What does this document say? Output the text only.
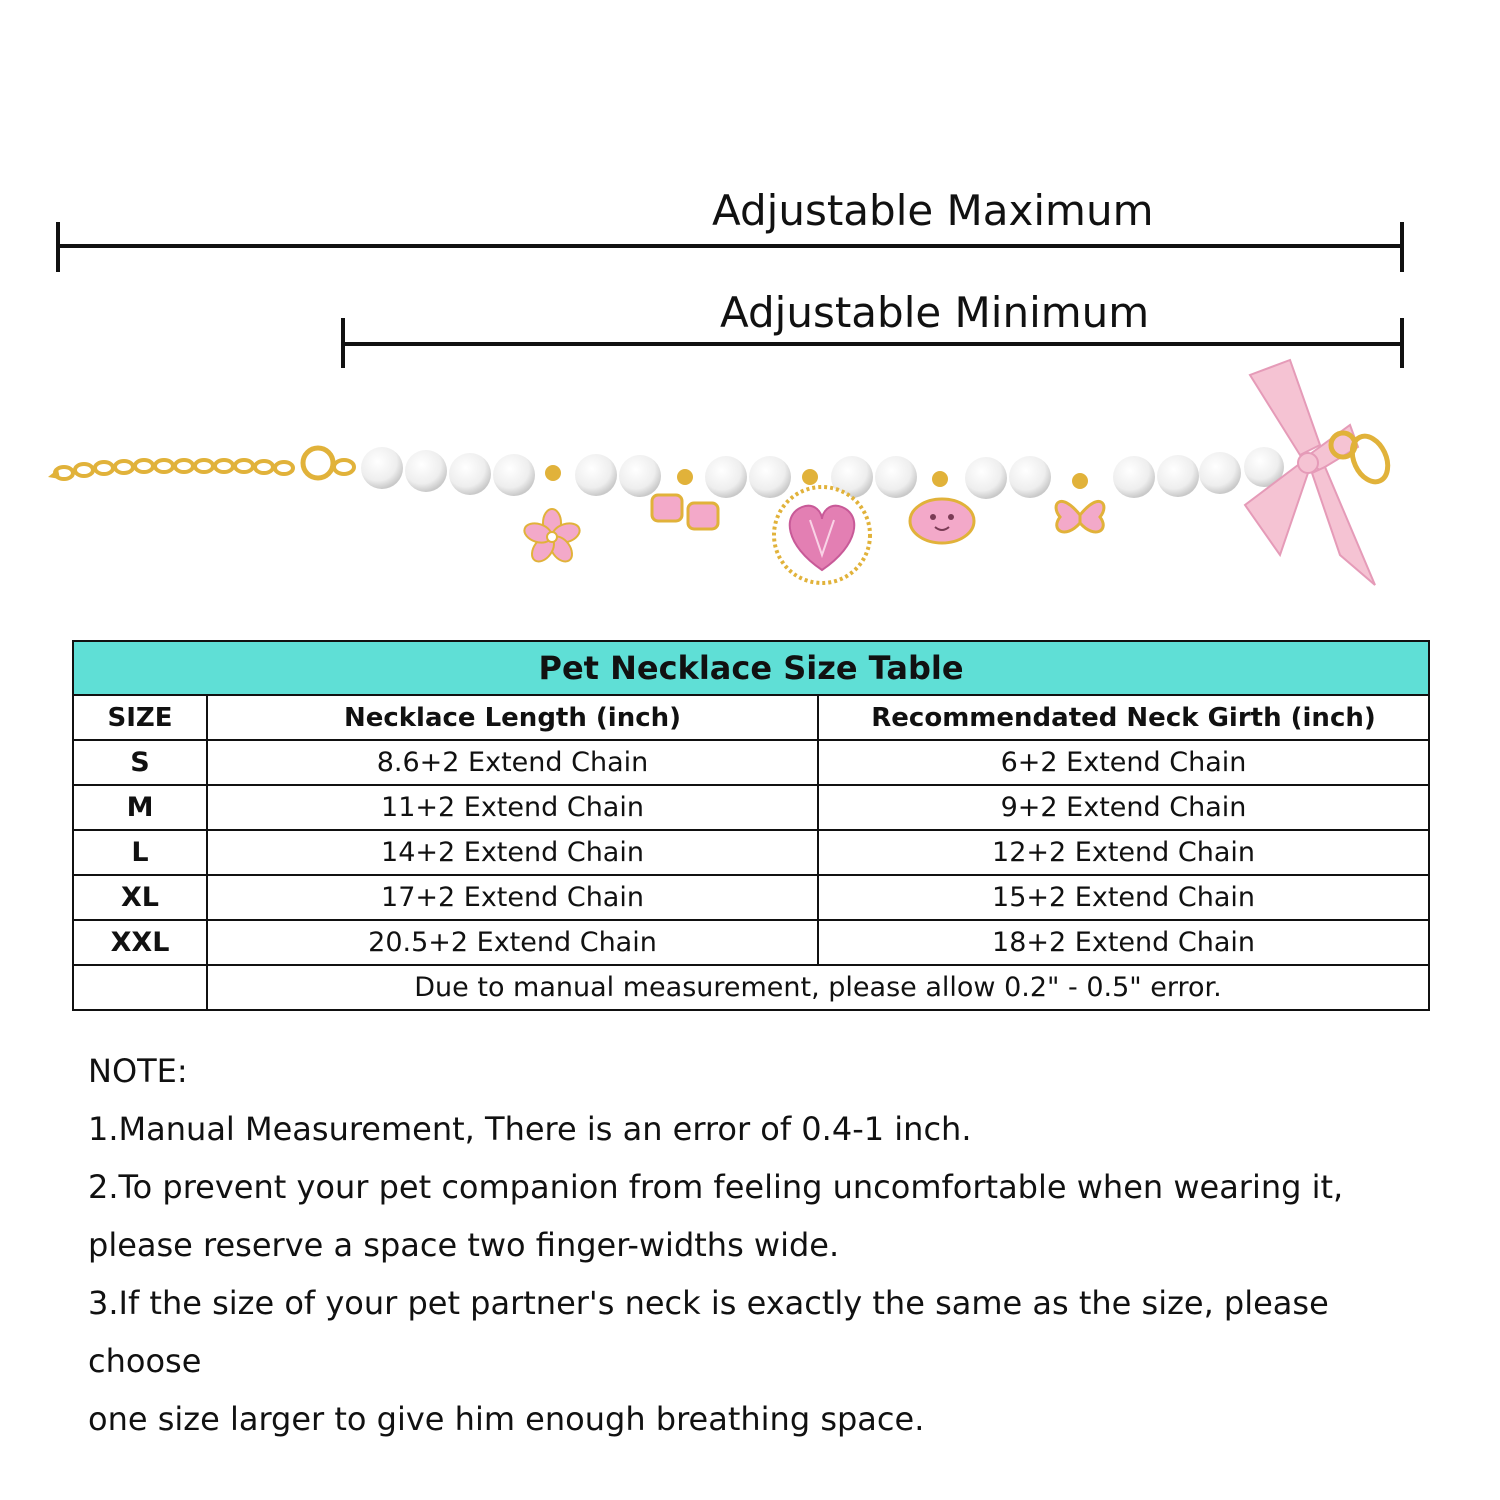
Adjustable Maximum
Adjustable Minimum
Pet Necklace Size Table		
SIZE	Necklace Length (inch)	Recommendated Neck Girth (inch)
S	8.6+2 Extend Chain	6+2 Extend Chain
M	11+2 Extend Chain	9+2 Extend Chain
L	14+2 Extend Chain	12+2 Extend Chain
XL	17+2 Extend Chain	15+2 Extend Chain
XXL	20.5+2 Extend Chain	18+2 Extend Chain
	Due to manual measurement, please allow 0.2" - 0.5" error.	

NOTE:

1.Manual Measurement, There is an error of 0.4-1 inch.

2.To prevent your pet companion from feeling uncomfortable when wearing it,

please reserve a space two finger-widths wide.

3.If the size of your pet partner's neck is exactly the same as the size, please choose

one size larger to give him enough breathing space.
